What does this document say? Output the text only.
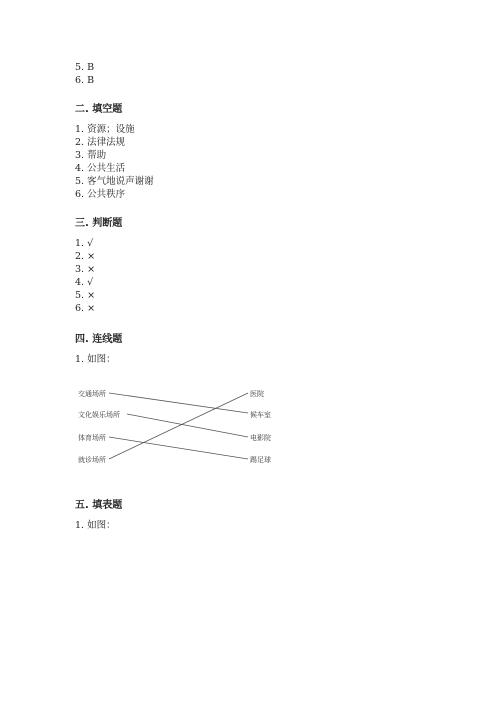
5. B
6. B
二. 填空题
1. 资源；设施
2. 法律法规
3. 帮助
4. 公共生活
5. 客气地说声谢谢
6. 公共秩序
三. 判断题
1. √
2. ×
3. ×
4. √
5. ×
6. ×
四. 连线题
1. 如图：
交通场所
文化娱乐场所
体育场所
就诊场所
医院
候车室
电影院
踢足球
五. 填表题
1. 如图：
